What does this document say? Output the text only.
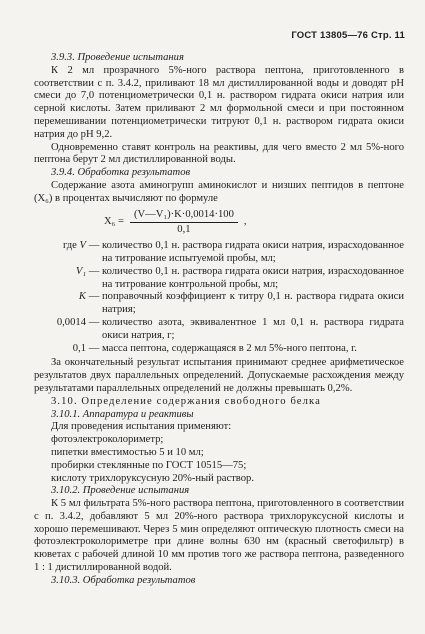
ГОСТ 13805—76 Стр. 11

3.9.3. Проведение испытания

К 2 мл прозрачного 5%-ного раствора пептона, приготовленного в соответствии с п. 3.4.2, приливают 18 мл дистиллированной воды и доводят pH смеси до 7,0 потенциометрически 0,1 н. раствором гидрата окиси натрия или серной кислоты. Затем приливают 2 мл формольной смеси и при постоянном перемешивании потенциометрически титруют 0,1 н. раствором гидрата окиси натрия до pH 9,2.

Одновременно ставят контроль на реактивы, для чего вместо 2 мл 5%-ного пептона берут 2 мл дистиллированной воды.

3.9.4. Обработка результатов

Содержание азота аминогрупп аминокислот и низших пептидов в пептоне (X₆) в процентах вычисляют по формуле

$X_6 = \frac{\text{(V—V₁)·K·0,0014·100}}{0,1}$ ,
где V — количество 0,1 н. раствора гидрата окиси натрия, израсходованное на титрование испытуемой пробы, мл;
V₁ — количество 0,1 н. раствора гидрата окиси натрия, израсходованное на титрование контрольной пробы, мл;
K — поправочный коэффициент к титру 0,1 н. раствора гидрата окиси натрия;
0,0014 — количество азота, эквивалентное 1 мл 0,1 н. раствора гидрата окиси натрия, г;
0,1 — масса пептона, содержащаяся в 2 мл 5%-ного пептона, г.

За окончательный результат испытания принимают среднее арифметическое результатов двух параллельных определений. Допускаемые расхождения между результатами параллельных определений не должны превышать 0,2%.

3.10. Определение содержания свободного белка

3.10.1. Аппаратура и реактивы

Для проведения испытания применяют:

фотоэлектроколориметр;

пипетки вместимостью 5 и 10 мл;

пробирки стеклянные по ГОСТ 10515—75;

кислоту трихлоруксусную 20%-ный раствор.

3.10.2. Проведение испытания

К 5 мл фильтрата 5%-ного раствора пептона, приготовленного в соответствии с п. 3.4.2, добавляют 5 мл 20%-ного раствора трихлоруксусной кислоты и хорошо перемешивают. Через 5 мин определяют оптическую плотность смеси на фотоэлектроколориметре при длине волны 630 нм (красный светофильтр) в кюветах с рабочей длиной 10 мм против того же раствора пептона, разведенного 1 : 1 дистиллированной водой.

3.10.3. Обработка результатов
